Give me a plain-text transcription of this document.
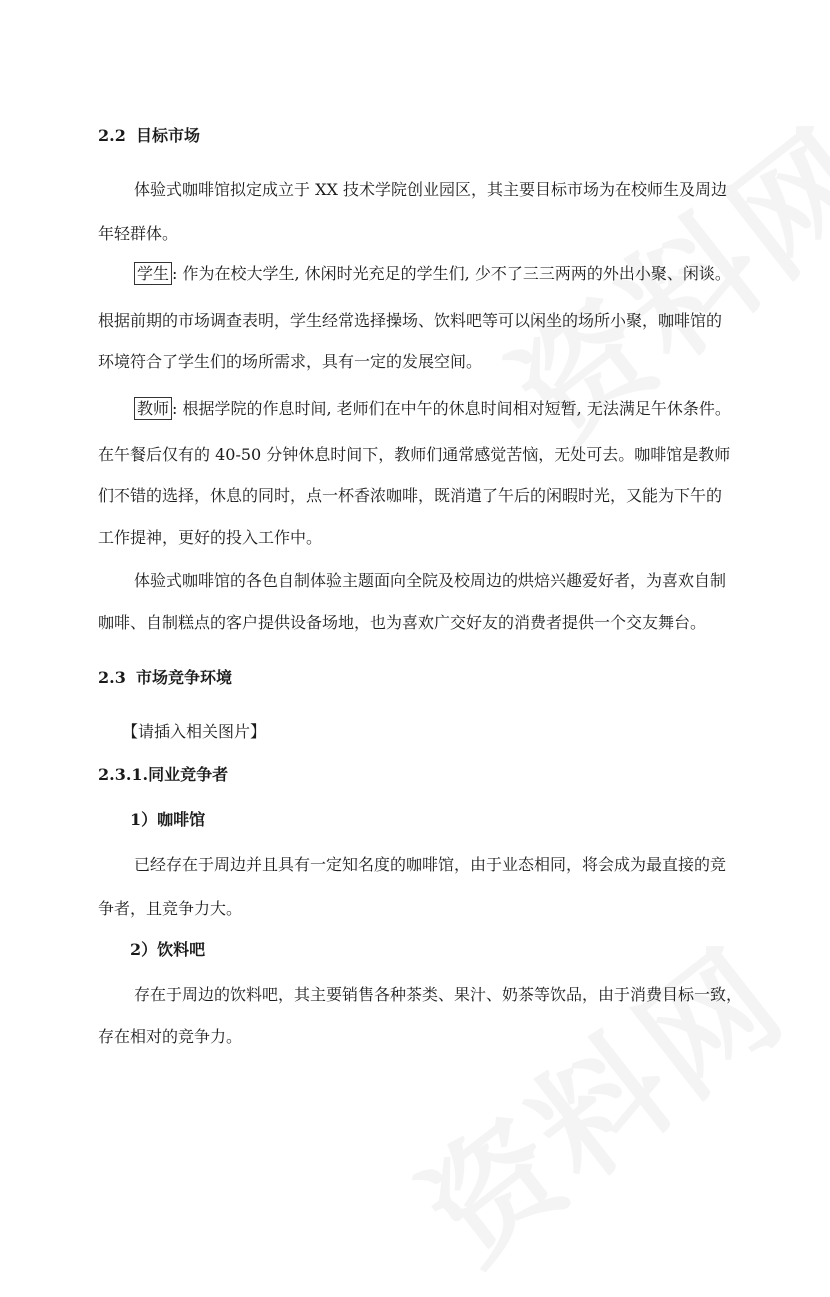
2.2 目标市场
体验式咖啡馆拟定成立于 XX 技术学院创业园区，其主要目标市场为在校师生及周边
年轻群体。
学生 : 作为在校大学生, 休闲时光充足的学生们, 少不了三三两两的外出小聚、闲谈。
根据前期的市场调查表明，学生经常选择操场、饮料吧等可以闲坐的场所小聚，咖啡馆的
环境符合了学生们的场所需求，具有一定的发展空间。
教师 : 根据学院的作息时间, 老师们在中午的休息时间相对短暂, 无法满足午休条件。
在午餐后仅有的 40-50 分钟休息时间下，教师们通常感觉苦恼，无处可去。咖啡馆是教师
们不错的选择，休息的同时，点一杯香浓咖啡，既消遣了午后的闲暇时光，又能为下午的
工作提神，更好的投入工作中。
体验式咖啡馆的各色自制体验主题面向全院及校周边的烘焙兴趣爱好者，为喜欢自制
咖啡、自制糕点的客户提供设备场地，也为喜欢广交好友的消费者提供一个交友舞台。
2.3 市场竞争环境
【请插入相关图片】
2.3.1.同业竞争者
1）咖啡馆
已经存在于周边并且具有一定知名度的咖啡馆，由于业态相同，将会成为最直接的竞
争者，且竞争力大。
2）饮料吧
存在于周边的饮料吧，其主要销售各种茶类、果汁、奶茶等饮品，由于消费目标一致，
存在相对的竞争力。
